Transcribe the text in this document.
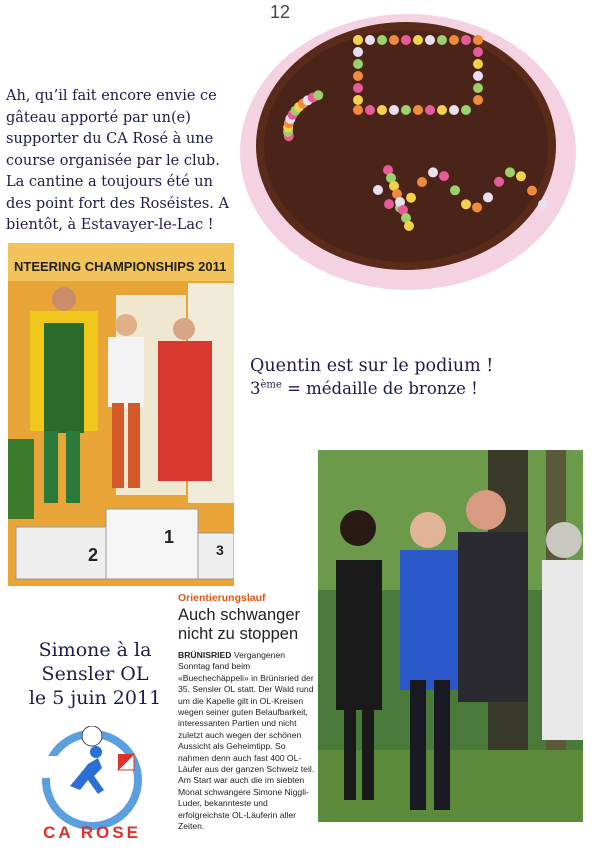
12
Ah, qu’il fait encore envie ce gâteau apporté par un(e) supporter du CA Rosé à une course organisée par le club. La cantine a toujours été un des point fort des Roséistes. A bientôt, à Estavayer-le-Lac !
NTEERING CHAMPIONSHIPS 2011
2
1
3
Quentin est sur le podium !
3ème = médaille de bronze !
Orientierungslauf
Auch schwanger nicht zu stoppen
BRÜNISRIED Vergangenen Sonntag fand beim «Buechechäppeli» in Brünisried der 35. Sensler OL statt. Der Wald rund um die Kapelle gilt in OL-Kreisen wegen seiner guten Belaufbarkeit, interessanten Partien und nicht zuletzt auch wegen der schönen Aussicht als Geheimtipp. So nahmen denn auch fast 400 OL-Läufer aus der ganzen Schweiz teil. Am Start war auch die im siebten Monat schwangere Simone Niggli-Luder, bekannteste und erfolgreichste OL-Läuferin aller Zeiten.
Simone à la
Sensler OL
le 5 juin 2011
CA ROSE
